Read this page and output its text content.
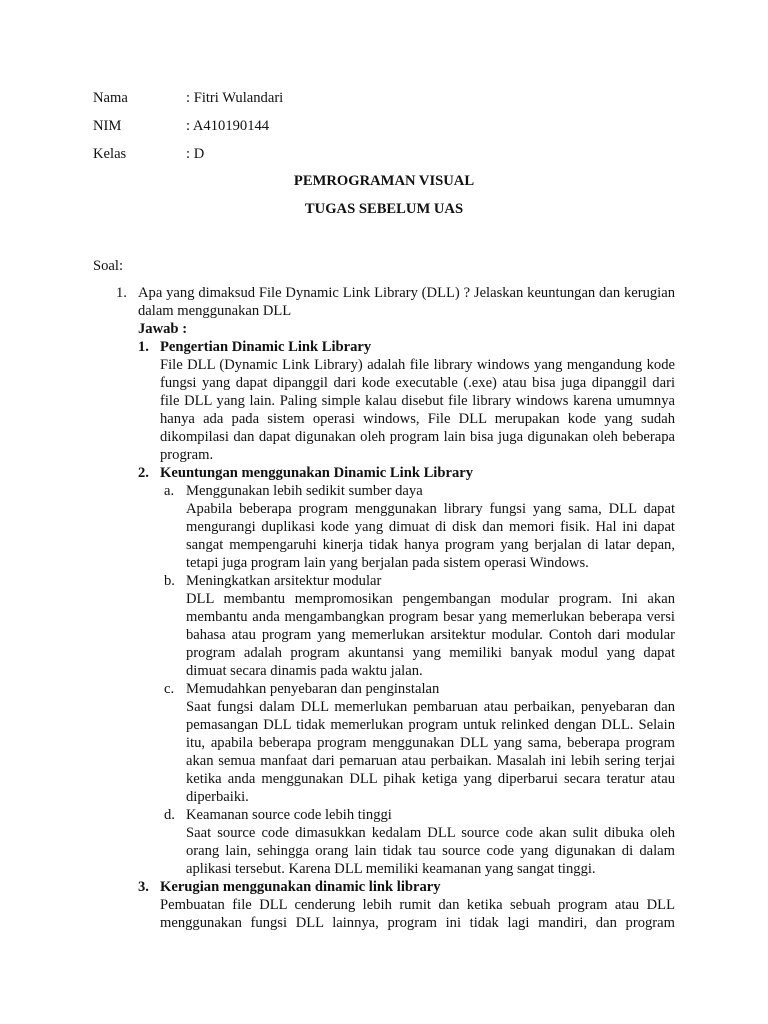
Nama	: Fitri Wulandari
NIM	: A410190144
Kelas	: D
PEMROGRAMAN VISUAL
TUGAS SEBELUM UAS
Soal:
1. Apa yang dimaksud File Dynamic Link Library (DLL) ? Jelaskan keuntungan dan kerugian dalam menggunakan DLL

Jawab :
1. Pengertian Dinamic Link Library

File DLL (Dynamic Link Library) adalah file library windows yang mengandung kode fungsi yang dapat dipanggil dari kode executable (.exe) atau bisa juga dipanggil dari file DLL yang lain. Paling simple kalau disebut file library windows karena umumnya hanya ada pada sistem operasi windows, File DLL merupakan kode yang sudah dikompilasi dan dapat digunakan oleh program lain bisa juga digunakan oleh beberapa program.

2. Keuntungan menggunakan Dinamic Link Library
a. Menggunakan lebih sedikit sumber daya

Apabila beberapa program menggunakan library fungsi yang sama, DLL dapat mengurangi duplikasi kode yang dimuat di disk dan memori fisik. Hal ini dapat sangat mempengaruhi kinerja tidak hanya program yang berjalan di latar depan, tetapi juga program lain yang berjalan pada sistem operasi Windows.

b. Meningkatkan arsitektur modular

DLL membantu mempromosikan pengembangan modular program. Ini akan membantu anda mengambangkan program besar yang memerlukan beberapa versi bahasa atau program yang memerlukan arsitektur modular. Contoh dari modular program adalah program akuntansi yang memiliki banyak modul yang dapat dimuat secara dinamis pada waktu jalan.

c. Memudahkan penyebaran dan penginstalan

Saat fungsi dalam DLL memerlukan pembaruan atau perbaikan, penyebaran dan pemasangan DLL tidak memerlukan program untuk relinked dengan DLL. Selain itu, apabila beberapa program menggunakan DLL yang sama, beberapa program akan semua manfaat dari pemaruan atau perbaikan. Masalah ini lebih sering terjai ketika anda menggunakan DLL pihak ketiga yang diperbarui secara teratur atau diperbaiki.

d. Keamanan source code lebih tinggi

Saat source code dimasukkan kedalam DLL source code akan sulit dibuka oleh orang lain, sehingga orang lain tidak tau source code yang digunakan di dalam aplikasi tersebut. Karena DLL memiliki keamanan yang sangat tinggi.

3. Kerugian menggunakan dinamic link library

Pembuatan file DLL cenderung lebih rumit dan ketika sebuah program atau DLL menggunakan fungsi DLL lainnya, program ini tidak lagi mandiri, dan program
